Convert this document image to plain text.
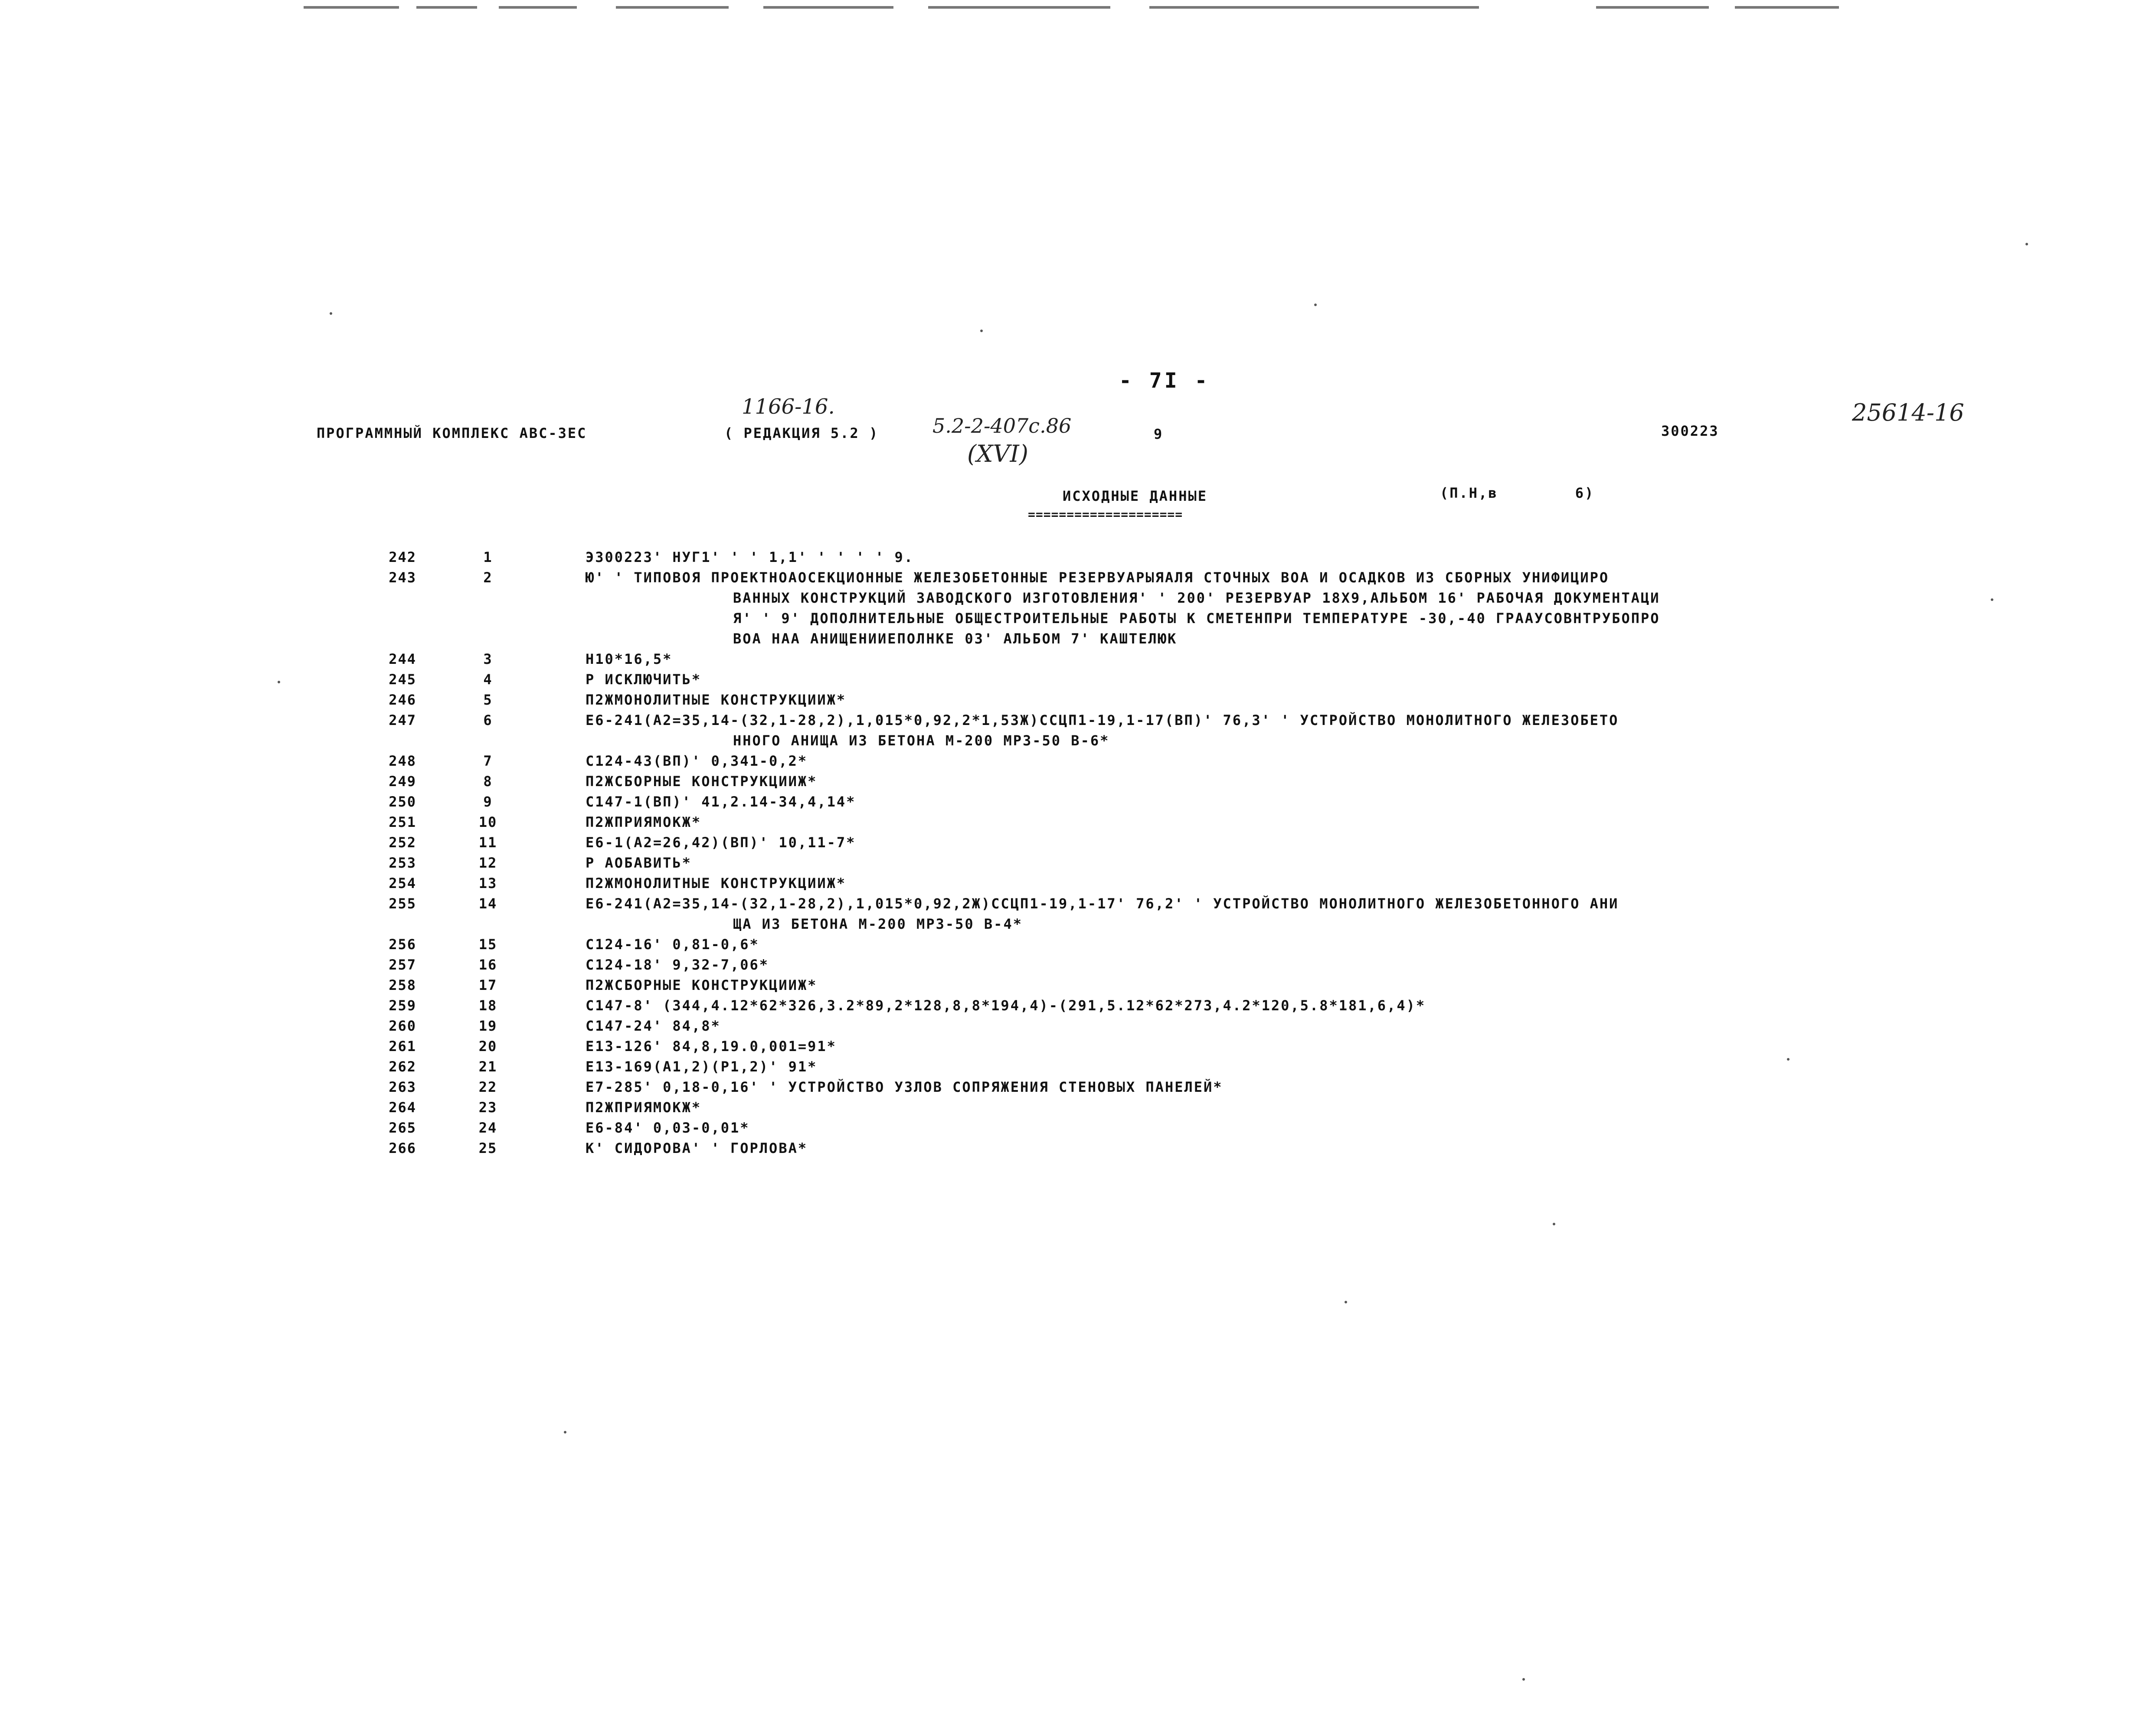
- 7I -
1166-16.
5.2-2-407c.86
(XVI)
25614-16
ПРОГРАММНЫЙ КОМПЛЕКС АВС-3ЕС	( РЕДАКЦИЯ 5.2 )	9	300223
ИСХОДНЫЕ ДАННЫЕ
====================
(П.Н,в        6)
242	1	Э300223' НУГ1' ' ' 1,1' ' ' ' ' 9.
243	2	Ю' ' ТИПОВОЯ ПРОЕКТНОАОСЕКЦИОННЫЕ ЖЕЛЕЗОБЕТОННЫЕ РЕЗЕРВУАРЫЯАЛЯ СТОЧНЫХ ВОА И ОСАДКОВ ИЗ СБОРНЫХ УНИФИЦИРО
ВАННЫХ КОНСТРУКЦИЙ ЗАВОДСКОГО ИЗГОТОВЛЕНИЯ' ' 200' РЕЗЕРВУАР 18Х9,АЛЬБОМ 16' РАБОЧАЯ ДОКУМЕНТАЦИ
Я' ' 9' ДОПОЛНИТЕЛЬНЫЕ ОБЩЕСТРОИТЕЛЬНЫЕ РАБОТЫ К СМЕТЕНПРИ ТЕМПЕРАТУРЕ -30,-40 ГРААУСОВНТРУБОПРО
ВОА НАА АНИЩЕНИИЕПОЛНКЕ 03' АЛЬБОМ 7' КАШТЕЛЮК
244	3	Н10*16,5*
245	4	Р ИСКЛЮЧИТЬ*
246	5	П2ЖМОНОЛИТНЫЕ КОНСТРУКЦИИЖ*
247	6	Е6-241(А2=35,14-(32,1-28,2),1,015*0,92,2*1,53Ж)ССЦП1-19,1-17(ВП)' 76,3' ' УСТРОЙСТВО МОНОЛИТНОГО ЖЕЛЕЗОБЕТО
ННОГО АНИЩА ИЗ БЕТОНА М-200 МРЗ-50 В-6*
248	7	С124-43(ВП)' 0,341-0,2*
249	8	П2ЖСБОРНЫЕ КОНСТРУКЦИИЖ*
250	9	С147-1(ВП)' 41,2.14-34,4,14*
251	10	П2ЖПРИЯМОКЖ*
252	11	Е6-1(А2=26,42)(ВП)' 10,11-7*
253	12	Р АОБАВИТЬ*
254	13	П2ЖМОНОЛИТНЫЕ КОНСТРУКЦИИЖ*
255	14	Е6-241(А2=35,14-(32,1-28,2),1,015*0,92,2Ж)ССЦП1-19,1-17' 76,2' ' УСТРОЙСТВО МОНОЛИТНОГО ЖЕЛЕЗОБЕТОННОГО АНИ
ЩА ИЗ БЕТОНА М-200 МРЗ-50 В-4*
256	15	С124-16' 0,81-0,6*
257	16	С124-18' 9,32-7,06*
258	17	П2ЖСБОРНЫЕ КОНСТРУКЦИИЖ*
259	18	С147-8' (344,4.12*62*326,3.2*89,2*128,8,8*194,4)-(291,5.12*62*273,4.2*120,5.8*181,6,4)*
260	19	С147-24' 84,8*
261	20	Е13-126' 84,8,19.0,001=91*
262	21	Е13-169(А1,2)(Р1,2)' 91*
263	22	Е7-285' 0,18-0,16' ' УСТРОЙСТВО УЗЛОВ СОПРЯЖЕНИЯ СТЕНОВЫХ ПАНЕЛЕЙ*
264	23	П2ЖПРИЯМОКЖ*
265	24	Е6-84' 0,03-0,01*
266	25	К' СИДОРОВА' ' ГОРЛОВА*
